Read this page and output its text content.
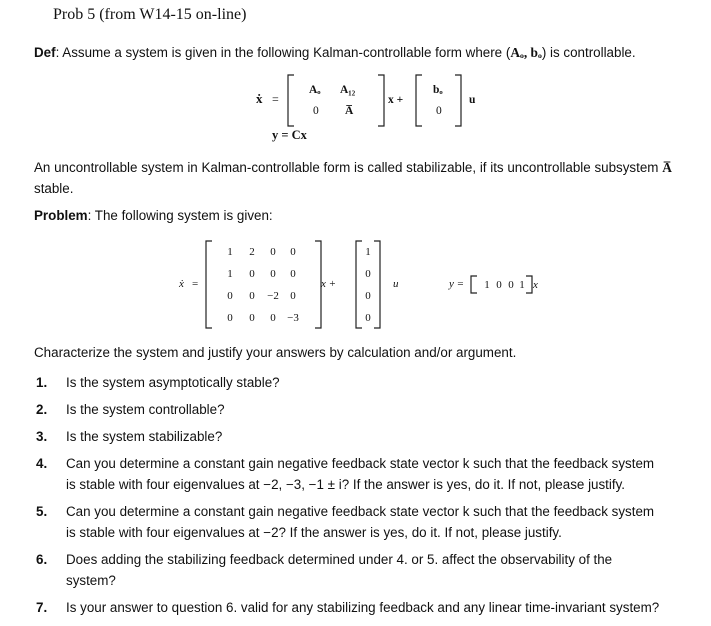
Prob 5 (from W14-15 on-line)
Def: Assume a system is given in the following Kalman-controllable form where (Aₒ, bₒ) is controllable.
ẋ =
Aₒ A₁₂
0 A̅
x +
bₒ
0
u
y = Cx
An uncontrollable system in Kalman-controllable form is called stabilizable, if its uncontrollable subsystem A̅
stable.
Problem: The following system is given:
ẋ =
1 2 0 0
1 0 0 0
0 0 −2 0
0 0 0 −3
x +
1
0
0
0
u	y = 1 0 0 1 x
Characterize the system and justify your answers by calculation and/or argument.
1. Is the system asymptotically stable?
2. Is the system controllable?
3. Is the system stabilizable?
4. Can you determine a constant gain negative feedback state vector k such that the feedback system
is stable with four eigenvalues at −2, −3, −1 ± i? If the answer is yes, do it. If not, please justify.
5. Can you determine a constant gain negative feedback state vector k such that the feedback system
is stable with four eigenvalues at −2? If the answer is yes, do it. If not, please justify.
6. Does adding the stabilizing feedback determined under 4. or 5. affect the observability of the
system?
7. Is your answer to question 6. valid for any stabilizing feedback and any linear time-invariant system?
